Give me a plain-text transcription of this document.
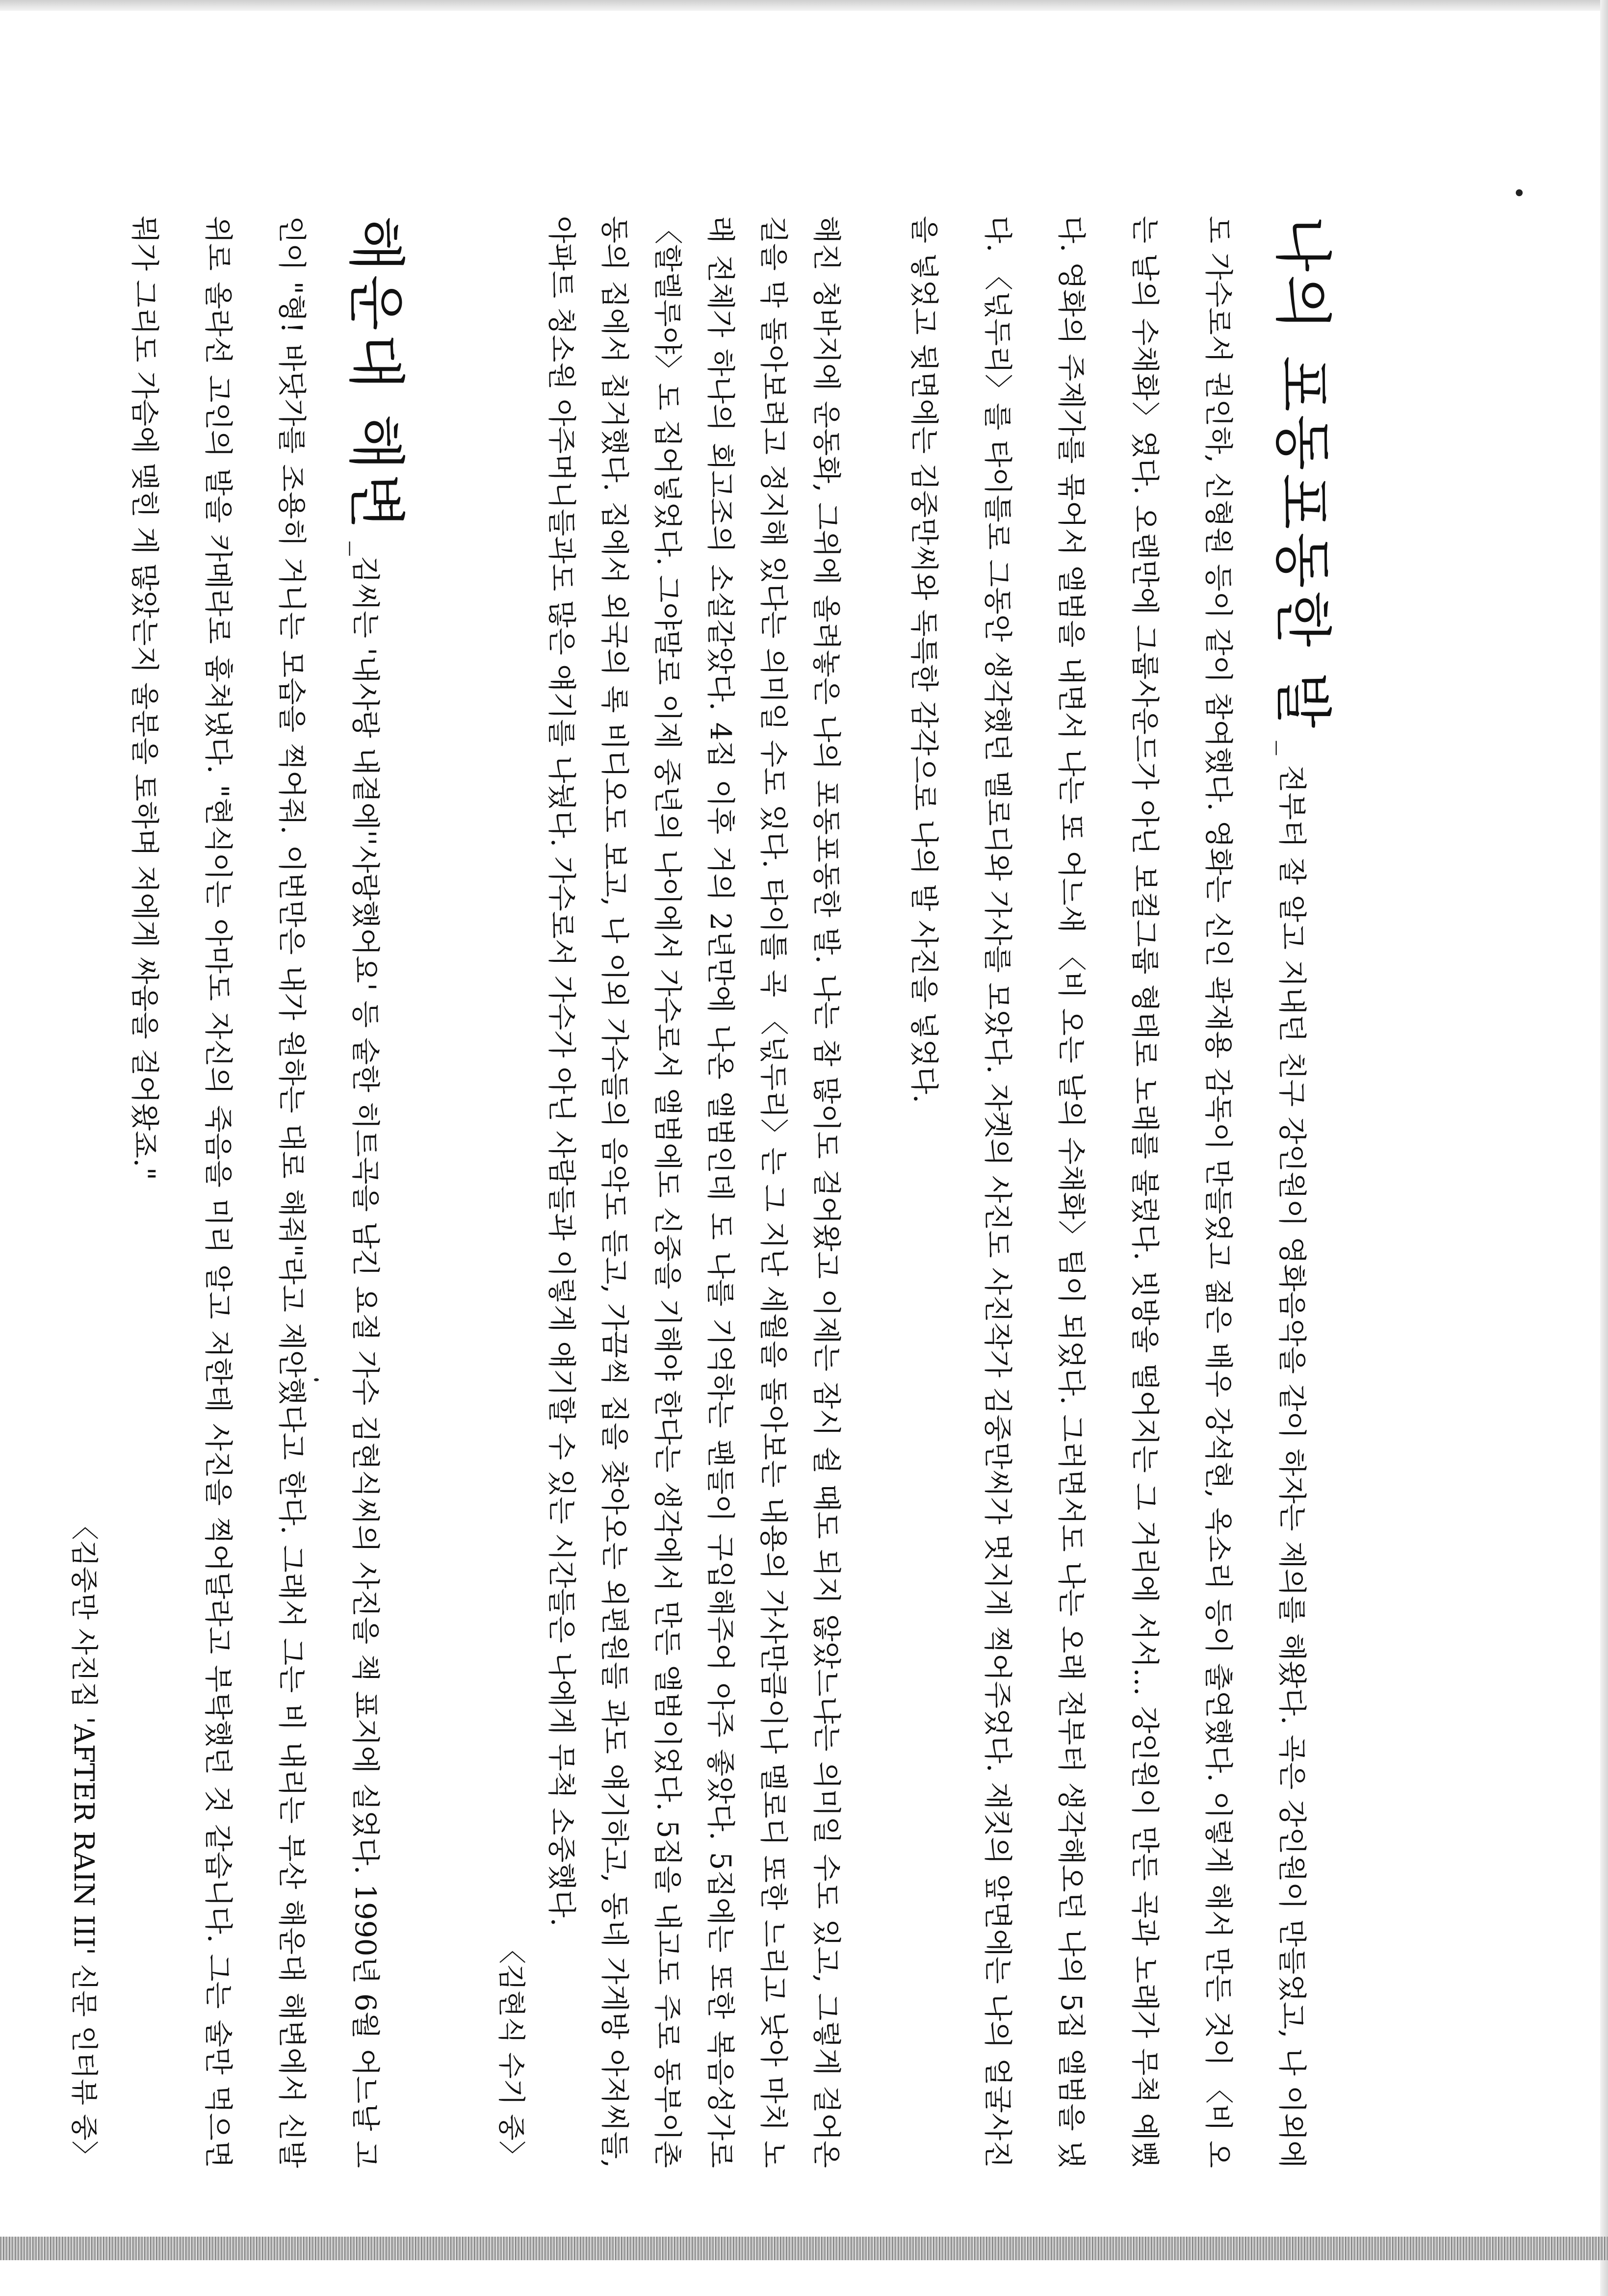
나의 포동포동한 발 _ 전부터 잘 알고 지내던 친구 강인원이 영화음악을 같이 하자는 제의를 해왔다. 곡은 강인원이 만들었고, 나 이외에도 가수로서 권인하, 신형원 등이 같이 참여했다. 영화는 신인 곽재용 감독이 만들었고 젊은 배우 강석현, 옥소리 등이 출연했다. 이렇게 해서 만든 것이 〈비 오는 날의 수채화〉였다. 오랜만에 그룹사운드가 아닌 보컬그룹 형태로 노래를 불렀다. 빗방울 떨어지는 그 거리에 서서… 강인원이 만든 곡과 노래가 무척 예뻤다. 영화의 주제가를 묶어서 앨범을 내면서 나는 또 어느새 〈비 오는 날의 수채화〉팀이 되었다. 그러면서도 나는 오래 전부터 생각해오던 나의 5집 앨범을 냈다. 〈넋두리〉를 타이틀로 그동안 생각했던 멜로디와 가사를 모았다. 자켓의 사진도 사진작가 김중만씨가 멋지게 찍어주었다. 재킷의 앞면에는 나의 얼굴사진을 넣었고 뒷면에는 김중만씨와 독특한 감각으로 나의 발 사진을 넣었다.

해진 청바지에 운동화, 그위에 올려놓은 나의 포동포동한 발. 나는 참 많이도 걸어왔고 이제는 잠시 쉴 때도 되지 않았느냐는 의미일 수도 있고, 그렇게 걸어온 길을 막 돌아보려고 정지해 있다는 의미일 수도 있다. 타이틀 곡 〈넋두리〉는 그 지난 세월을 돌아보는 내용의 가사만큼이나 멜로디 또한 느리고 낮아 마치 노래 전체가 하나의 회고조의 소설같았다. 4집 이후 거의 2년만에 나온 앨범인데 도 나를 기억하는 팬들이 구입해주어 아주 좋았다. 5집에는 또한 복음성가로 〈할렐루야〉도 집어넣었다. 그야말로 이제 중년의 나이에서 가수로서 앨범에도 신중을 기해야 한다는 생각에서 만든 앨범이었다. 5집을 내고도 주로 동부이촌동의 집에서 칩거했다. 집에서 외국의 록 비디오도 보고, 나 이외 가수들의 음악도 듣고, 가끔씩 집을 찾아오는 외편원들 과도 얘기하고, 동네 가게방 아저씨들, 아파트 청소원 아주머니들과도 많은 얘기를 나눴다. 가수로서 가수가 아닌 사람들과 이렇게 얘기할 수 있는 시간들은 나에게 무척 소중했다.

〈김현식 수기 중〉

해운대 해변 _김씨는 '내사랑 내곁에''사랑했어요' 등 숱한 히트곡을 남긴 요절 가수 김현식씨의 사진을 책 표지에 실었다. 1990년 6월 어느날 고인이 "형! 바닷가를 조용히 거니는 모습을 찍어줘. 이번만은 내가 원하는 대로 해줘"라고 제안했다고 한다. 그래서 그는 비 내리는 부산 해운대 해변에서 신발 위로 올라선 고인의 발을 카메라로 훔쳐냈다. "현식이는 아마도 자신의 죽음을 미리 알고 저한테 사진을 찍어달라고 부탁했던 것 같습니다. 그는 술만 먹으면 뭐가 그리도 가슴에 맺힌 게 많았는지 울분을 토하며 저에게 싸움을 걸어왔죠."

〈김중만 사진집 'AFTER RAIN III' 신문 인터뷰 중〉
